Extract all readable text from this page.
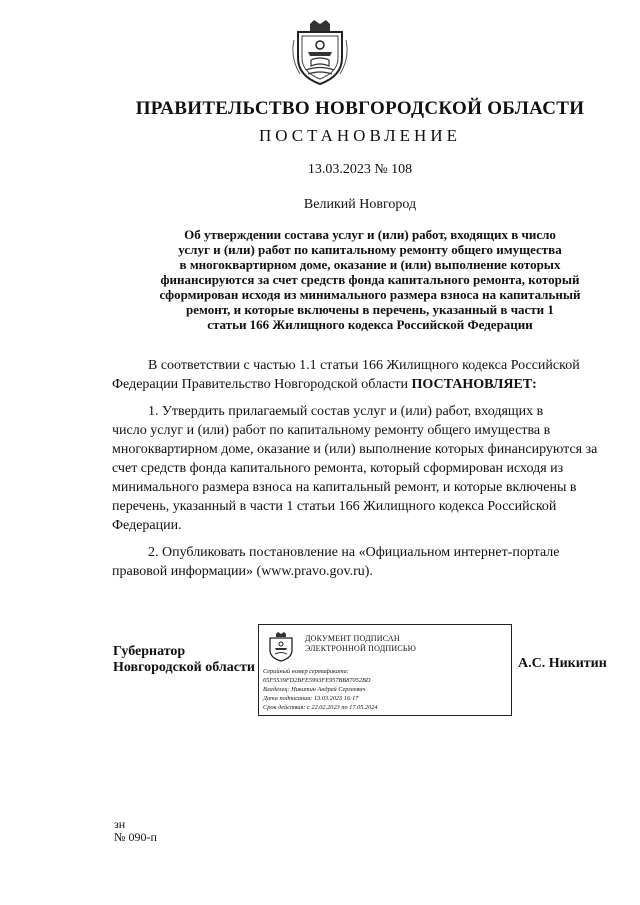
ПРАВИТЕЛЬСТВО НОВГОРОДСКОЙ ОБЛАСТИ
ПОСТАНОВЛЕНИЕ
13.03.2023 № 108
Великий Новгород
Об утверждении состава услуг и (или) работ, входящих в число
услуг и (или) работ по капитальному ремонту общего имущества
в многоквартирном доме, оказание и (или) выполнение которых
финансируются за счет средств фонда капитального ремонта, который
сформирован исходя из минимального размера взноса на капитальный
ремонт, и которые включены в перечень, указанный в части 1
статьи 166 Жилищного кодекса Российской Федерации
В соответствии с частью 1.1 статьи 166 Жилищного кодекса Российской
Федерации Правительство Новгородской области ПОСТАНОВЛЯЕТ:
1. Утвердить прилагаемый состав услуг и (или) работ, входящих в
число услуг и (или) работ по капитальному ремонту общего имущества в
многоквартирном доме, оказание и (или) выполнение которых финансируются за
счет средств фонда капитального ремонта, который сформирован исходя из
минимального размера взноса на капитальный ремонт, и которые включены в
перечень, указанный в части 1 статьи 166 Жилищного кодекса Российской
Федерации.
2. Опубликовать постановление на «Официальном интернет-портале
правовой информации» (www.pravo.gov.ru).
Губернатор
Новгородской области
ДОКУМЕНТ ПОДПИСАН
ЭЛЕКТРОННОЙ ПОДПИСЬЮ
Серийный номер сертификата:
65F5539FD2BFE5993FE957BB87052BD
Владелец: Никитин Андрей Сергеевич
Дата подписания: 13.03.2023 16:17
Срок действия: с 22.02.2023 по 17.05.2024
А.С. Никитин
зн
№ 090-п
